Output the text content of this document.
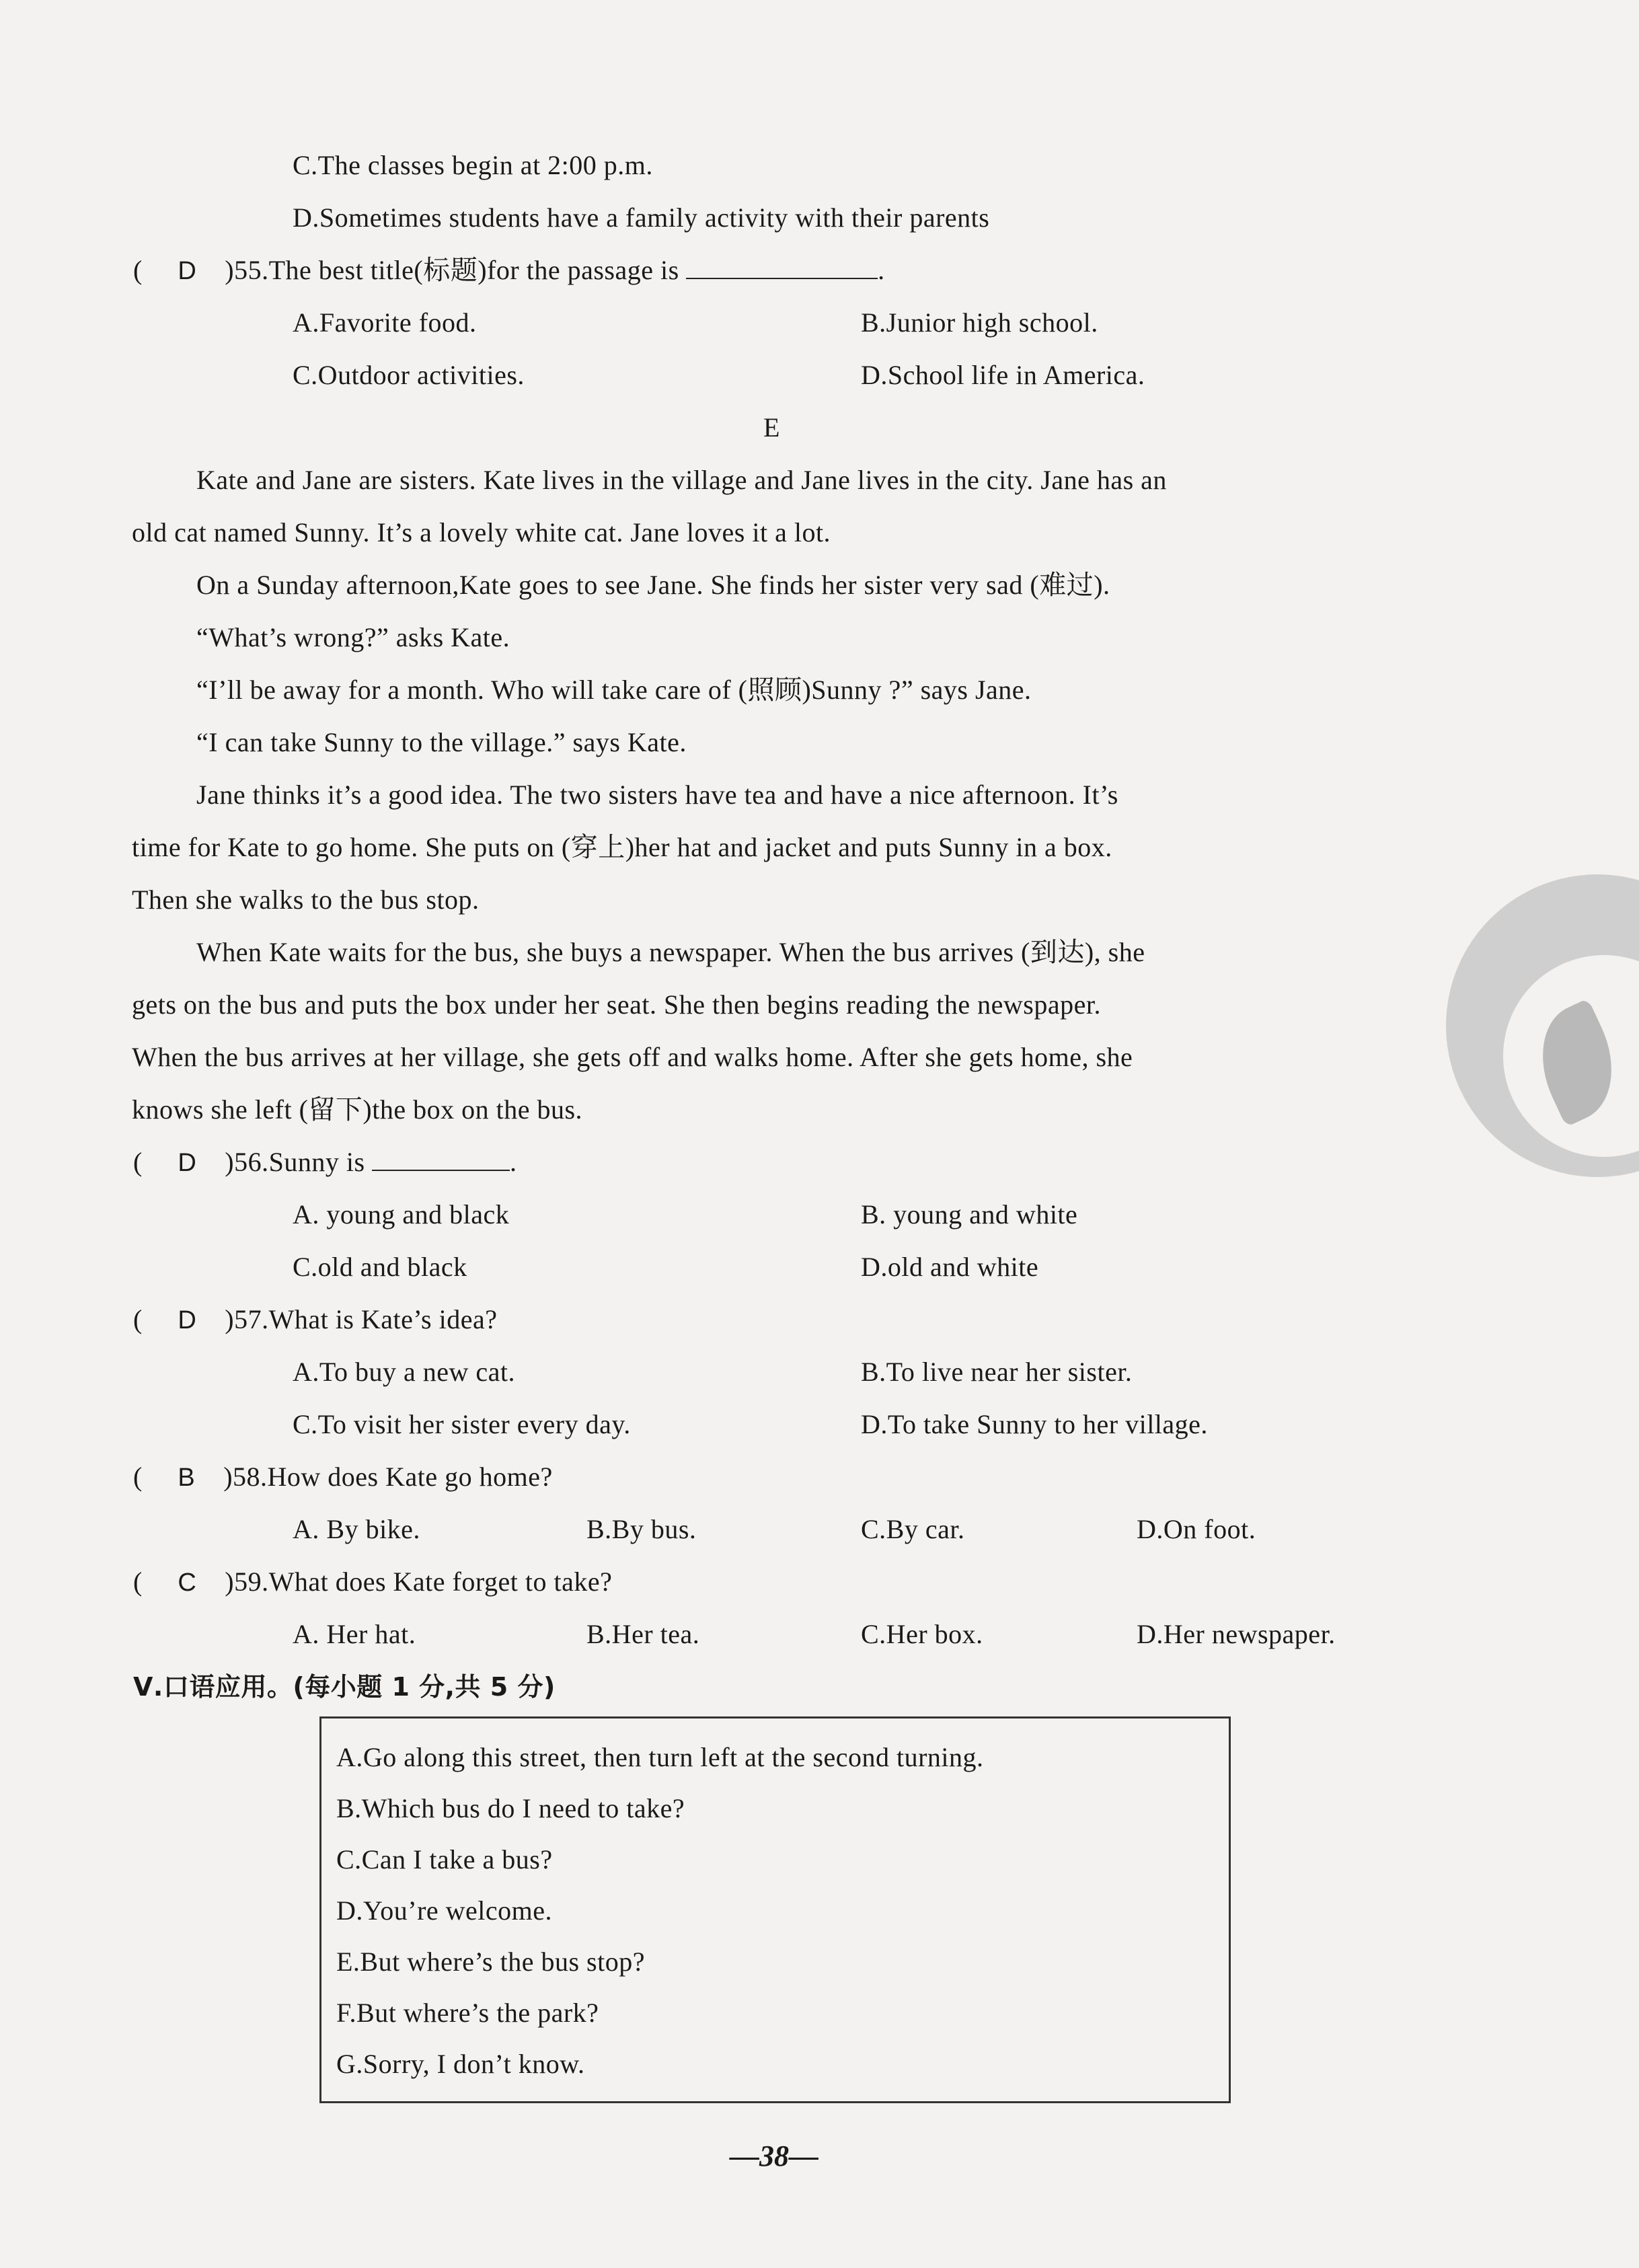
C.The classes begin at 2:00 p.m.
D.Sometimes students have a family activity with their parents
( D )55.The best title(标题)for the passage is	.
A.Favorite food.	B.Junior high school.
C.Outdoor activities.	D.School life in America.
E
Kate and Jane are sisters. Kate lives in the village and Jane lives in the city. Jane has an
old cat named Sunny. It’s a lovely white cat. Jane loves it a lot.
On a Sunday afternoon,Kate goes to see Jane. She finds her sister very sad (难过).
“What’s wrong?” asks Kate.
“I’ll be away for a month. Who will take care of (照顾)Sunny ?” says Jane.
“I can take Sunny to the village.” says Kate.
Jane thinks it’s a good idea. The two sisters have tea and have a nice afternoon. It’s
time for Kate to go home. She puts on (穿上)her hat and jacket and puts Sunny in a box.
Then she walks to the bus stop.
When Kate waits for the bus, she buys a newspaper. When the bus arrives (到达), she
gets on the bus and puts the box under her seat. She then begins reading the newspaper.
When the bus arrives at her village, she gets off and walks home. After she gets home, she
knows she left (留下)the box on the bus.
( D )56.Sunny is	.
A. young and black	B. young and white
C.old and black	D.old and white
( D )57.What is Kate’s idea?
A.To buy a new cat.	B.To live near her sister.
C.To visit her sister every day.	D.To take Sunny to her village.
( B )58.How does Kate go home?
A. By bike.	B.By bus.	C.By car.	D.On foot.
( C )59.What does Kate forget to take?
A. Her hat.	B.Her tea.	C.Her box.	D.Her newspaper.
Ⅴ.口语应用。(每小题 1 分,共 5 分)
A.Go along this street, then turn left at the second turning.
B.Which bus do I need to take?
C.Can I take a bus?
D.You’re welcome.
E.But where’s the bus stop?
F.But where’s the park?
G.Sorry, I don’t know.
—38—
